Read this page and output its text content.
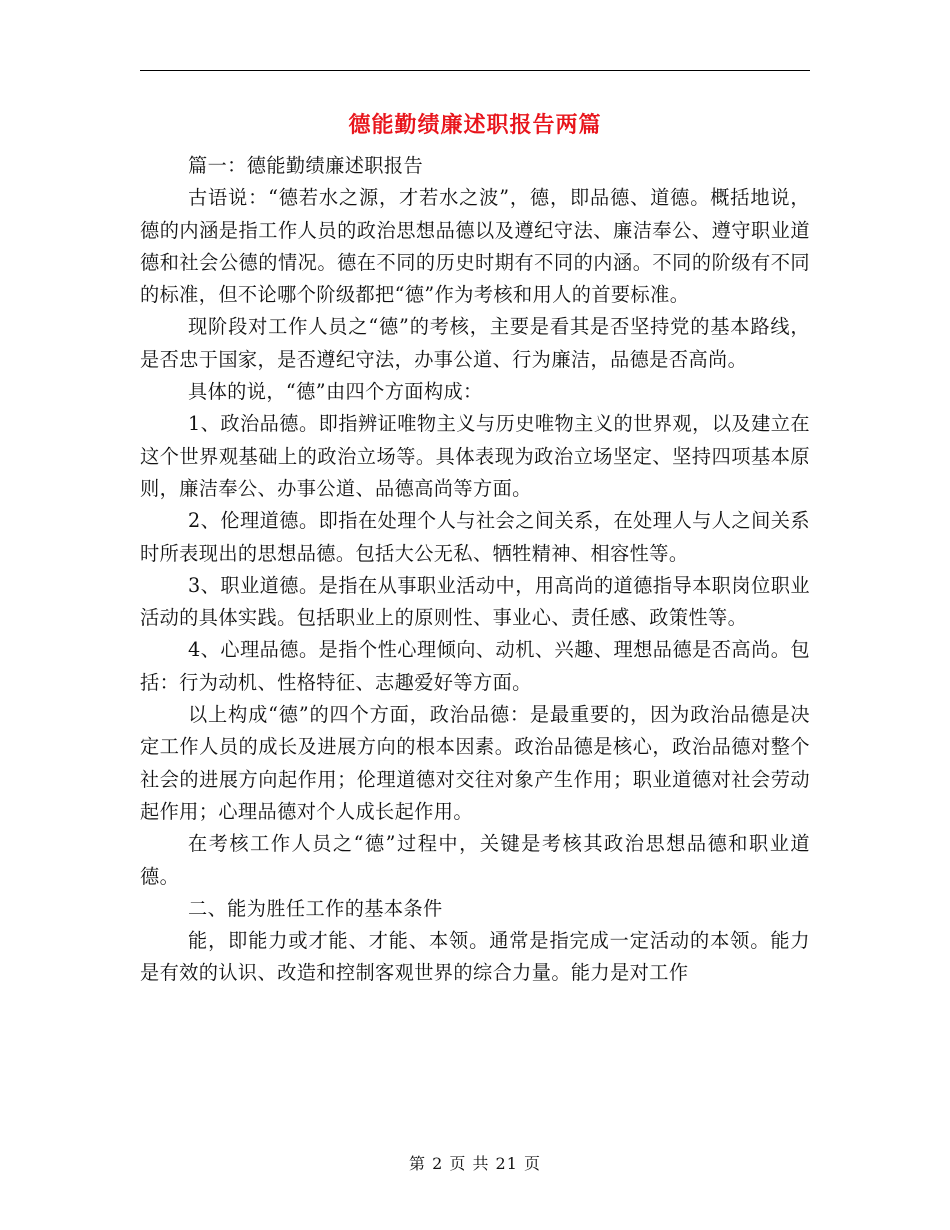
德能勤绩廉述职报告两篇

篇一：德能勤绩廉述职报告

古语说：“德若水之源，才若水之波”，德，即品德、道德。概括地说，德的内涵是指工作人员的政治思想品德以及遵纪守法、廉洁奉公、遵守职业道德和社会公德的情况。德在不同的历史时期有不同的内涵。不同的阶级有不同的标准，但不论哪个阶级都把“德”作为考核和用人的首要标准。

现阶段对工作人员之“德”的考核，主要是看其是否坚持党的基本路线，是否忠于国家，是否遵纪守法，办事公道、行为廉洁，品德是否高尚。

具体的说，“德”由四个方面构成：

1、政治品德。即指辨证唯物主义与历史唯物主义的世界观，以及建立在这个世界观基础上的政治立场等。具体表现为政治立场坚定、坚持四项基本原则，廉洁奉公、办事公道、品德高尚等方面。

2、伦理道德。即指在处理个人与社会之间关系，在处理人与人之间关系时所表现出的思想品德。包括大公无私、牺牲精神、相容性等。

3、职业道德。是指在从事职业活动中，用高尚的道德指导本职岗位职业活动的具体实践。包括职业上的原则性、事业心、责任感、政策性等。

4、心理品德。是指个性心理倾向、动机、兴趣、理想品德是否高尚。包括：行为动机、性格特征、志趣爱好等方面。

以上构成“德”的四个方面，政治品德：是最重要的，因为政治品德是决定工作人员的成长及进展方向的根本因素。政治品德是核心，政治品德对整个社会的进展方向起作用；伦理道德对交往对象产生作用；职业道德对社会劳动起作用；心理品德对个人成长起作用。

在考核工作人员之“德”过程中，关键是考核其政治思想品德和职业道德。

二、能为胜任工作的基本条件

能，即能力或才能、才能、本领。通常是指完成一定活动的本领。能力是有效的认识、改造和控制客观世界的综合力量。能力是对工作

第 2 页 共 21 页
